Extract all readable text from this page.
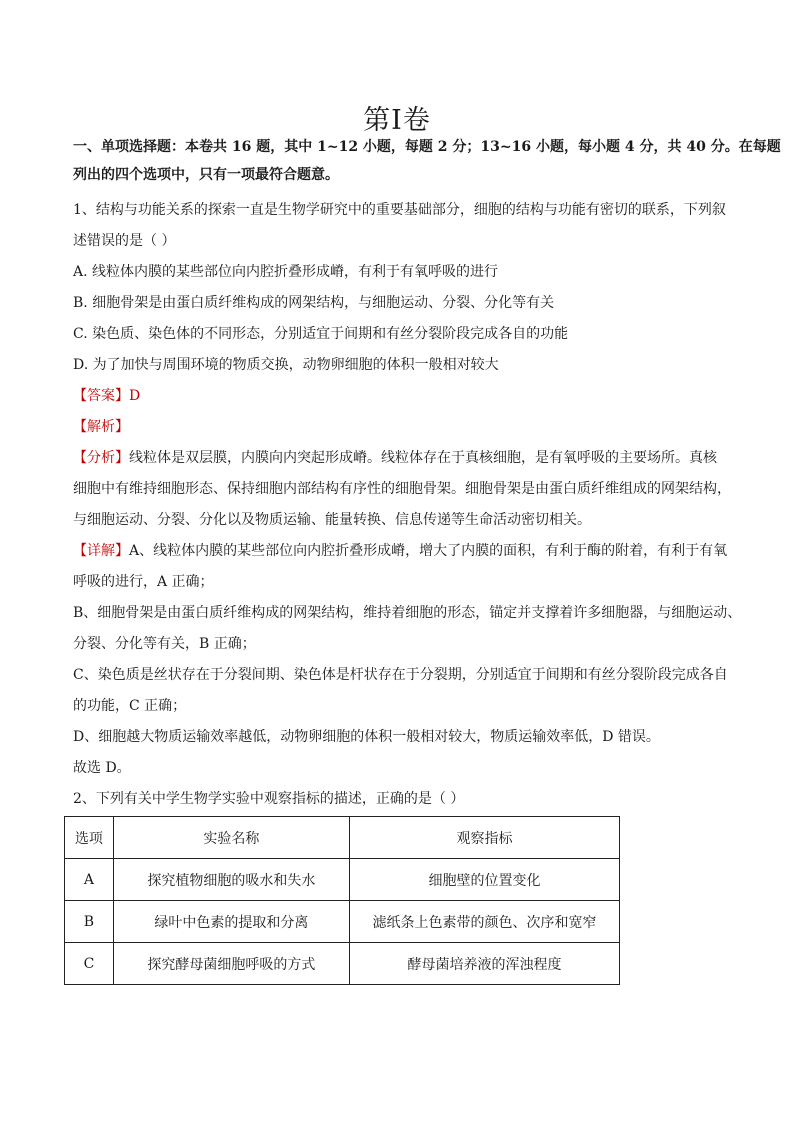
第Ⅰ卷
一、单项选择题：本卷共 16 题，其中 1~12 小题，每题 2 分；13~16 小题，每小题 4 分，共 40 分。在每题
列出的四个选项中，只有一项最符合题意。
1、结构与功能关系的探索一直是生物学研究中的重要基础部分，细胞的结构与功能有密切的联系，下列叙
述错误的是（ ）
A. 线粒体内膜的某些部位向内腔折叠形成嵴，有利于有氧呼吸的进行
B. 细胞骨架是由蛋白质纤维构成的网架结构，与细胞运动、分裂、分化等有关
C. 染色质、染色体的不同形态，分别适宜于间期和有丝分裂阶段完成各自的功能
D. 为了加快与周围环境的物质交换，动物卵细胞的体积一般相对较大
【答案】D
【解析】
【分析】线粒体是双层膜，内膜向内突起形成嵴。线粒体存在于真核细胞，是有氧呼吸的主要场所。真核
细胞中有维持细胞形态、保持细胞内部结构有序性的细胞骨架。细胞骨架是由蛋白质纤维组成的网架结构，
与细胞运动、分裂、分化以及物质运输、能量转换、信息传递等生命活动密切相关。
【详解】A、线粒体内膜的某些部位向内腔折叠形成嵴，增大了内膜的面积，有利于酶的附着，有利于有氧
呼吸的进行，A 正确；
B、细胞骨架是由蛋白质纤维构成的网架结构，维持着细胞的形态，锚定并支撑着许多细胞器，与细胞运动、
分裂、分化等有关，B 正确；
C、染色质是丝状存在于分裂间期、染色体是杆状存在于分裂期，分别适宜于间期和有丝分裂阶段完成各自
的功能，C 正确；
D、细胞越大物质运输效率越低，动物卵细胞的体积一般相对较大，物质运输效率低，D 错误。
故选 D。
2、下列有关中学生物学实验中观察指标的描述，正确的是（ ）
选项	实验名称	观察指标
A	探究植物细胞的吸水和失水	细胞壁的位置变化
B	绿叶中色素的提取和分离	滤纸条上色素带的颜色、次序和宽窄
C	探究酵母菌细胞呼吸的方式	酵母菌培养液的浑浊程度
